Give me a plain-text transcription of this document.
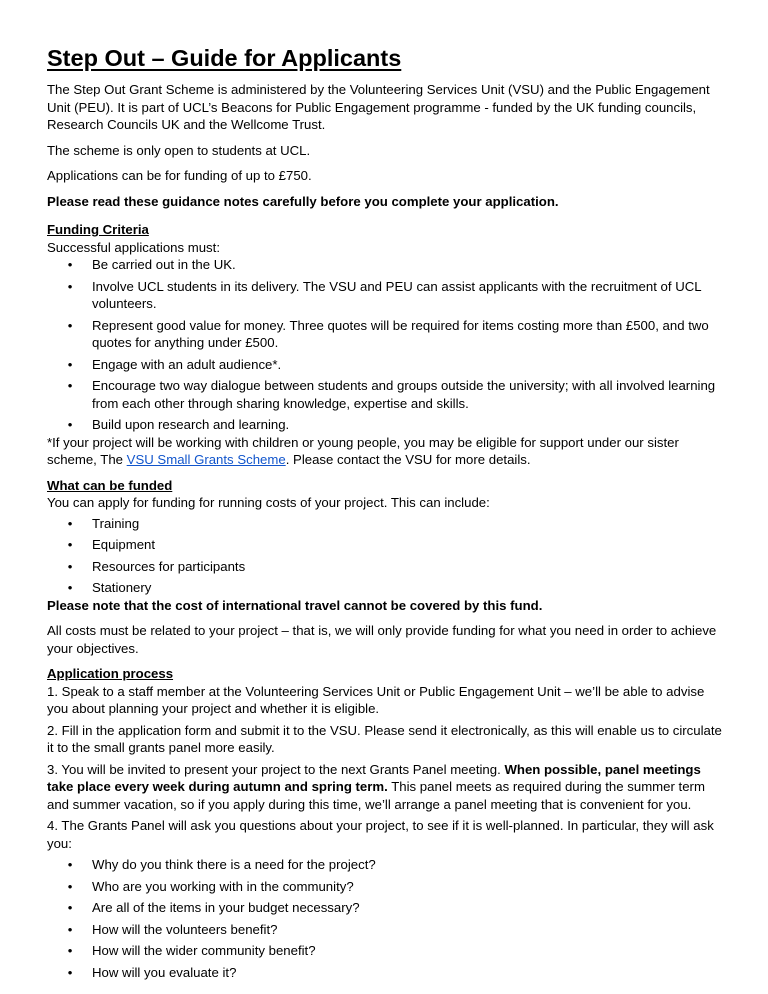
Step Out – Guide for Applicants

The Step Out Grant Scheme is administered by the Volunteering Services Unit (VSU) and the Public Engagement Unit (PEU). It is part of UCL’s Beacons for Public Engagement programme - funded by the UK funding councils, Research Councils UK and the Wellcome Trust.

The scheme is only open to students at UCL.

Applications can be for funding of up to £750.

Please read these guidance notes carefully before you complete your application.

Funding Criteria

Successful applications must:

• Be carried out in the UK.
• Involve UCL students in its delivery. The VSU and PEU can assist applicants with the recruitment of UCL volunteers.
• Represent good value for money. Three quotes will be required for items costing more than £500, and two quotes for anything under £500.
• Engage with an adult audience*.
• Encourage two way dialogue between students and groups outside the university; with all involved learning from each other through sharing knowledge, expertise and skills.
• Build upon research and learning.

*If your project will be working with children or young people, you may be eligible for support under our sister scheme, The VSU Small Grants Scheme. Please contact the VSU for more details.

What can be funded

You can apply for funding for running costs of your project. This can include:

• Training
• Equipment
• Resources for participants
• Stationery

Please note that the cost of international travel cannot be covered by this fund.

All costs must be related to your project – that is, we will only provide funding for what you need in order to achieve your objectives.

Application process

1. Speak to a staff member at the Volunteering Services Unit or Public Engagement Unit – we’ll be able to advise you about planning your project and whether it is eligible.

2. Fill in the application form and submit it to the VSU. Please send it electronically, as this will enable us to circulate it to the small grants panel more easily.

3. You will be invited to present your project to the next Grants Panel meeting. When possible, panel meetings take place every week during autumn and spring term. This panel meets as required during the summer term and summer vacation, so if you apply during this time, we’ll arrange a panel meeting that is convenient for you.

4. The Grants Panel will ask you questions about your project, to see if it is well-planned. In particular, they will ask you:

• Why do you think there is a need for the project?
• Who are you working with in the community?
• Are all of the items in your budget necessary?
• How will the volunteers benefit?
• How will the wider community benefit?
• How will you evaluate it?
